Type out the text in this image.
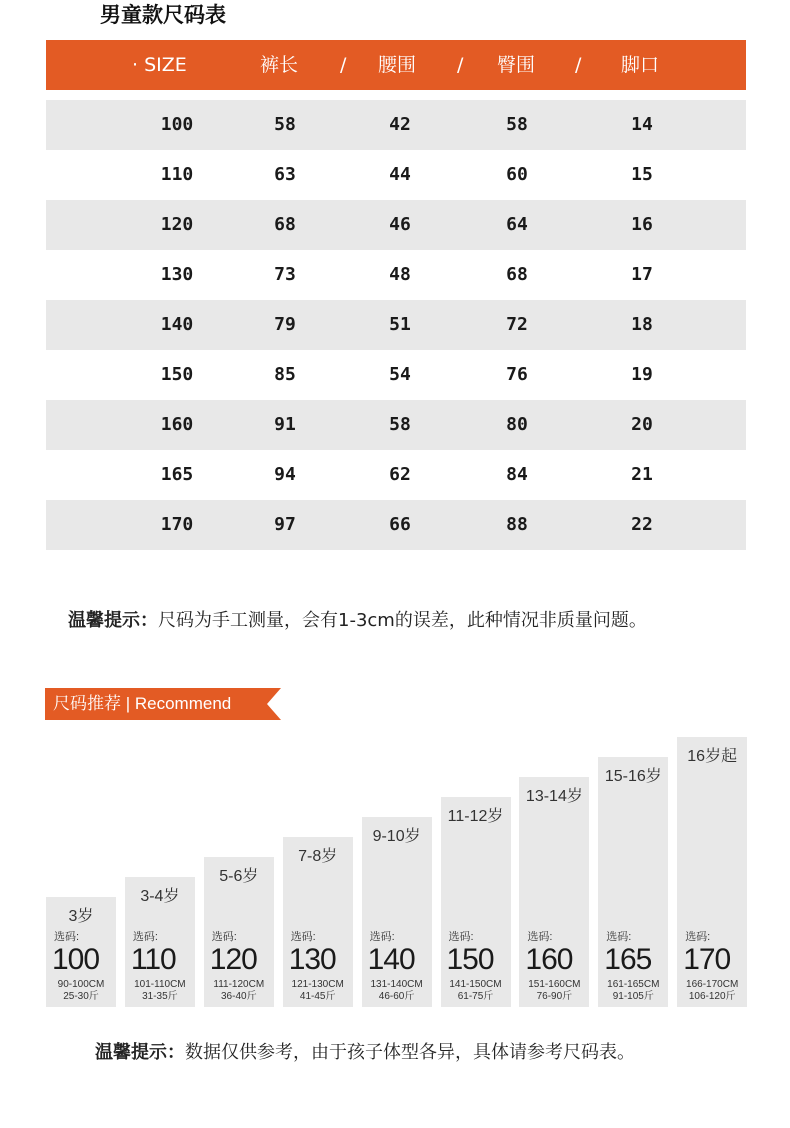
男童款尺码表
· SIZE	裤长 / 腰围 / 臀围 / 脚口
100	58	42	58	14
110	63	44	60	15
120	68	46	64	16
130	73	48	68	17
140	79	51	72	18
150	85	54	76	19
160	91	58	80	20
165	94	62	84	21
170	97	66	88	22
温馨提示：尺码为手工测量，会有1-3cm的误差，此种情况非质量问题。
尺码推荐 | Recommend
3岁
选码:
100
90-100CM
25-30斤
3-4岁
选码:
110
101-110CM
31-35斤
5-6岁
选码:
120
111-120CM
36-40斤
7-8岁
选码:
130
121-130CM
41-45斤
9-10岁
选码:
140
131-140CM
46-60斤
11-12岁
选码:
150
141-150CM
61-75斤
13-14岁
选码:
160
151-160CM
76-90斤
15-16岁
选码:
165
161-165CM
91-105斤
16岁起
选码:
170
166-170CM
106-120斤
温馨提示：数据仅供参考，由于孩子体型各异，具体请参考尺码表。
